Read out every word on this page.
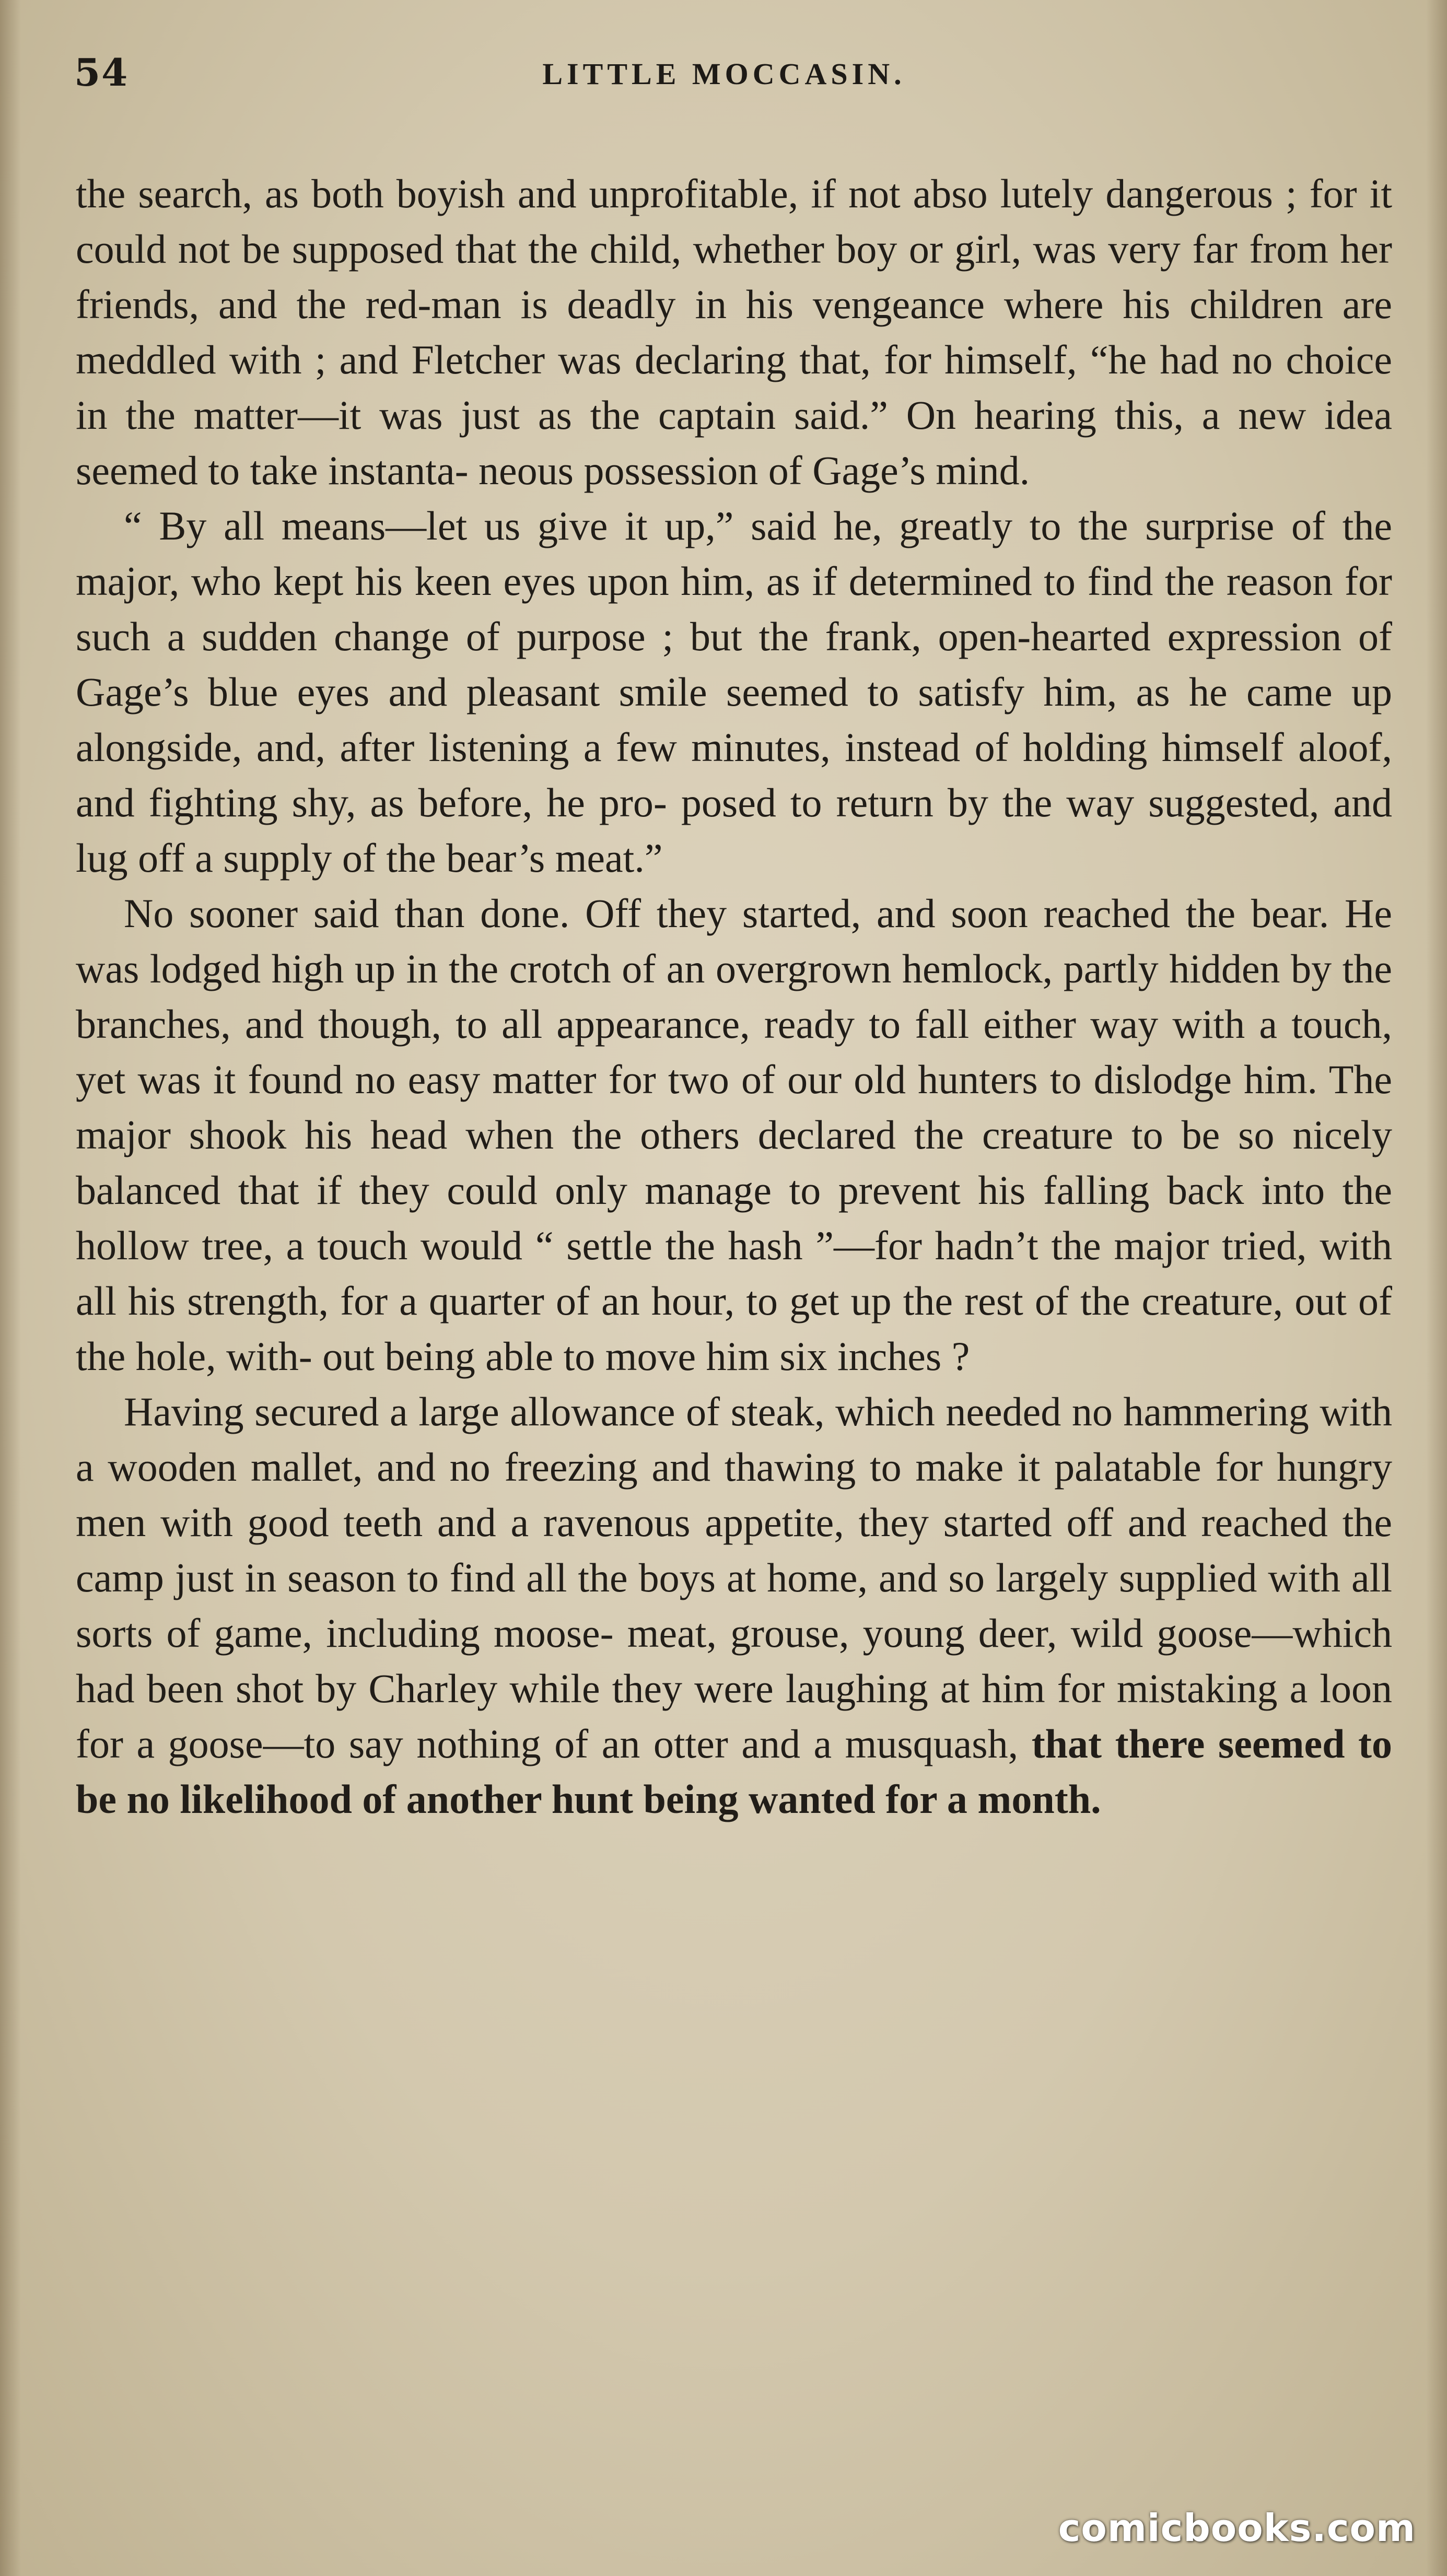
54	LITTLE MOCCASIN.

the search, as both boyish and unprofitable, if not abso lutely dangerous ; for it could not be supposed that the child, whether boy or girl, was very far from her friends, and the red-man is deadly in his vengeance where his children are meddled with ; and Fletcher was declaring that, for himself, “he had no choice in the matter—it was just as the captain said.” On hearing this, a new idea seemed to take instanta- neous possession of Gage’s mind.

“ By all means—let us give it up,” said he, greatly to the surprise of the major, who kept his keen eyes upon him, as if determined to find the reason for such a sudden change of purpose ; but the frank, open-hearted expression of Gage’s blue eyes and pleasant smile seemed to satisfy him, as he came up alongside, and, after listening a few minutes, instead of holding himself aloof, and fighting shy, as before, he pro- posed to return by the way suggested, and lug off a supply of the bear’s meat.”

No sooner said than done. Off they started, and soon reached the bear. He was lodged high up in the crotch of an overgrown hemlock, partly hidden by the branches, and though, to all appearance, ready to fall either way with a touch, yet was it found no easy matter for two of our old hunters to dislodge him. The major shook his head when the others declared the creature to be so nicely balanced that if they could only manage to prevent his falling back into the hollow tree, a touch would “ settle the hash ”—for hadn’t the major tried, with all his strength, for a quarter of an hour, to get up the rest of the creature, out of the hole, with- out being able to move him six inches ?

Having secured a large allowance of steak, which needed no hammering with a wooden mallet, and no freezing and thawing to make it palatable for hungry men with good teeth and a ravenous appetite, they started off and reached the camp just in season to find all the boys at home, and so largely supplied with all sorts of game, including moose- meat, grouse, young deer, wild goose—which had been shot by Charley while they were laughing at him for mistaking a loon for a goose—to say nothing of an otter and a musquash, that there seemed to be no likelihood of another hunt being wanted for a month.

comicbooks.com
